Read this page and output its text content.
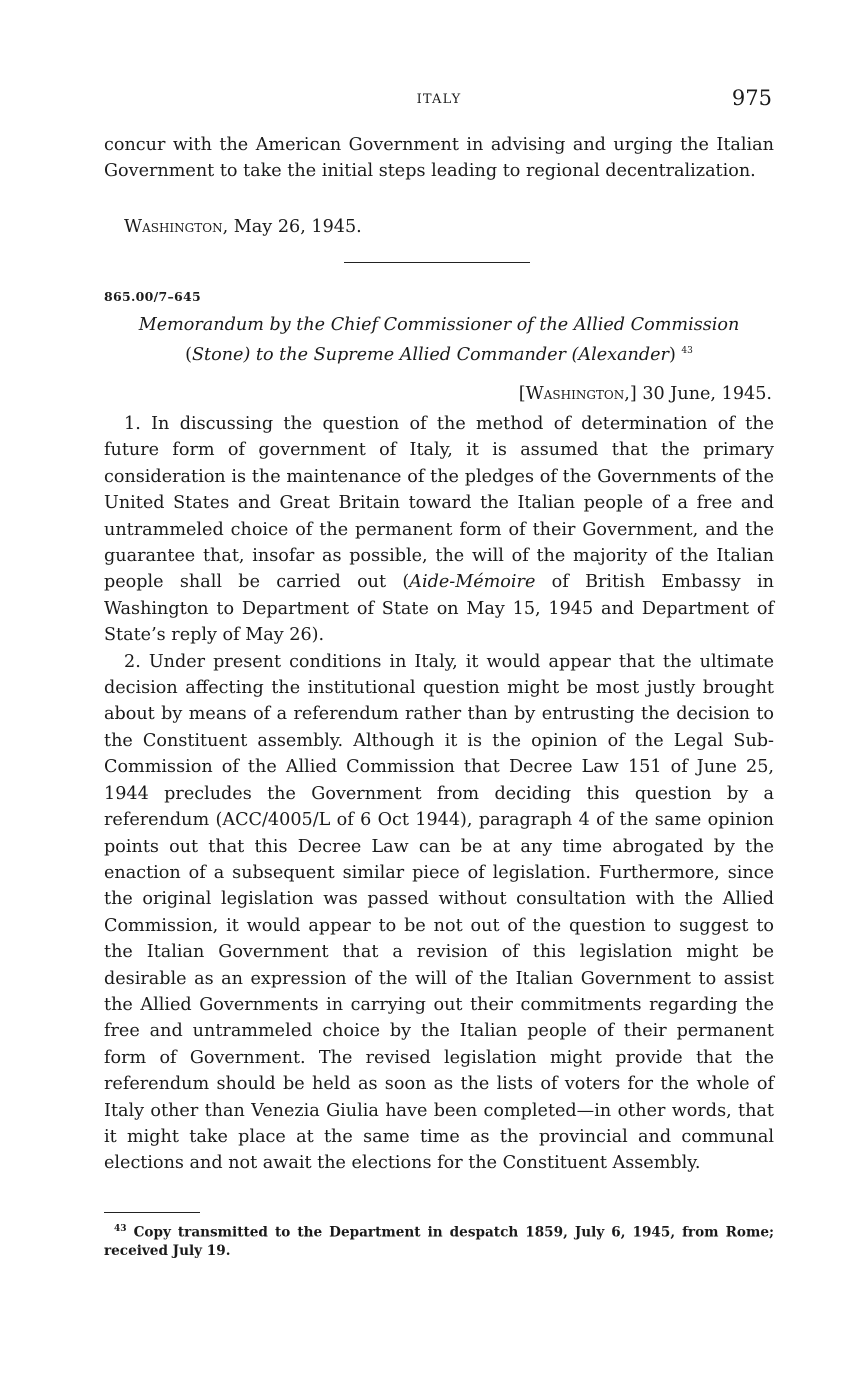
ITALY	975

concur with the American Government in advising and urging the Italian Government to take the initial steps leading to regional decentralization.

Washington, May 26, 1945.
865.00/7–645
Memorandum by the Chief Commissioner of the Allied Commission
(Stone) to the Supreme Allied Commander (Alexander) $^{43}$
[Washington,] 30 June, 1945.

1. In discussing the question of the method of determination of the future form of government of Italy, it is assumed that the primary consideration is the maintenance of the pledges of the Governments of the United States and Great Britain toward the Italian people of a free and untrammeled choice of the permanent form of their Government, and the guarantee that, insofar as possible, the will of the majority of the Italian people shall be carried out (Aide-Mémoire of British Embassy in Washington to Department of State on May 15, 1945 and Department of State’s reply of May 26).

2. Under present conditions in Italy, it would appear that the ultimate decision affecting the institutional question might be most justly brought about by means of a referendum rather than by entrusting the decision to the Constituent assembly. Although it is the opinion of the Legal Sub-Commission of the Allied Commission that Decree Law 151 of June 25, 1944 precludes the Government from deciding this question by a referendum (ACC/4005/L of 6 Oct 1944), paragraph 4 of the same opinion points out that this Decree Law can be at any time abrogated by the enaction of a subsequent similar piece of legislation. Furthermore, since the original legislation was passed without consultation with the Allied Commission, it would appear to be not out of the question to suggest to the Italian Government that a revision of this legislation might be desirable as an expression of the will of the Italian Government to assist the Allied Governments in carrying out their commitments regarding the free and untrammeled choice by the Italian people of their permanent form of Government. The revised legislation might provide that the referendum should be held as soon as the lists of voters for the whole of Italy other than Venezia Giulia have been completed—in other words, that it might take place at the same time as the provincial and communal elections and not await the elections for the Constituent Assembly.

$^{43}$ Copy transmitted to the Department in despatch 1859, July 6, 1945, from Rome; received July 19.
